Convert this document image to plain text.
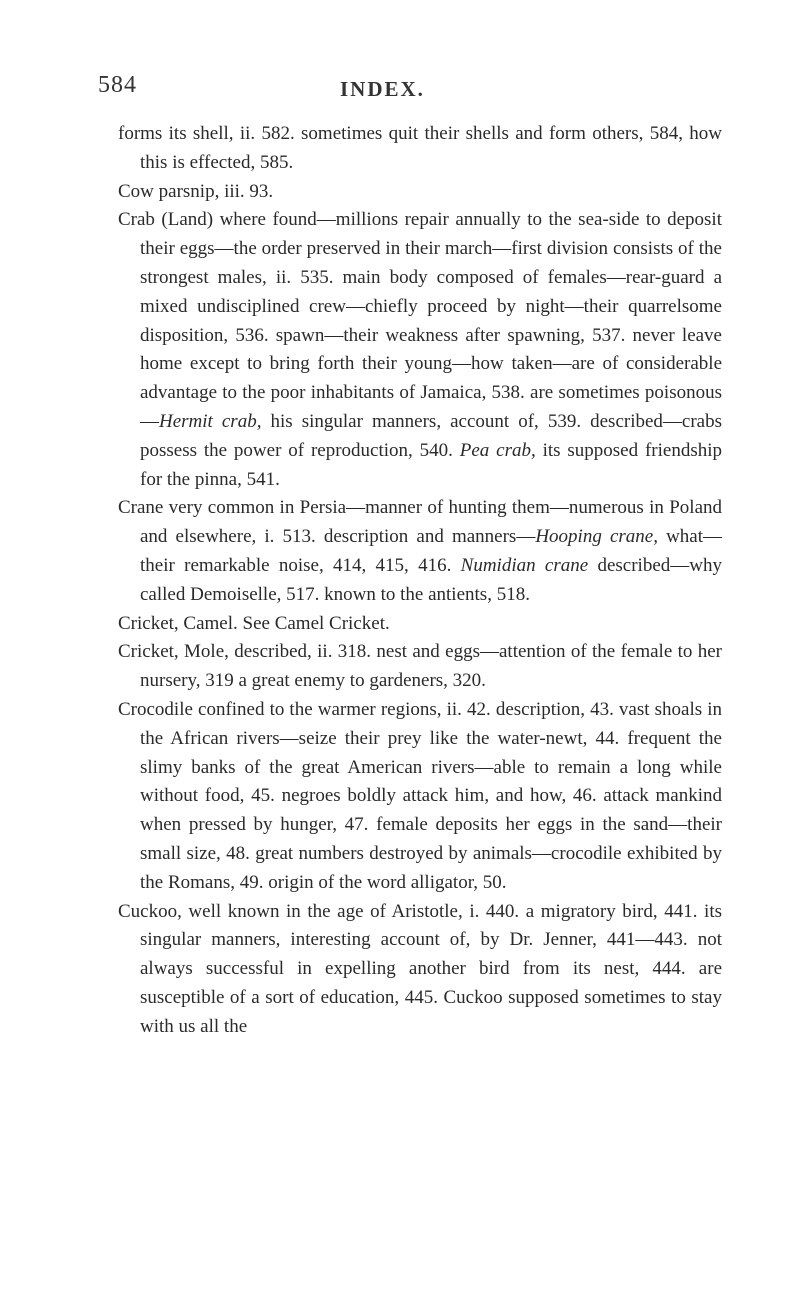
584	INDEX.

forms its shell, ii. 582. sometimes quit their shells and form others, 584, how this is effected, 585.

Cow parsnip, iii. 93.

Crab (Land) where found—millions repair annually to the sea-side to deposit their eggs—the order preserved in their march—first division consists of the strongest males, ii. 535. main body composed of females—rear-guard a mixed undisciplined crew—chiefly proceed by night—their quarrelsome disposition, 536. spawn—their weakness after spawning, 537. never leave home except to bring forth their young—how taken—are of considerable advantage to the poor inhabitants of Jamaica, 538. are sometimes poisonous—Hermit crab, his singular manners, account of, 539. described—crabs possess the power of reproduction, 540. Pea crab, its supposed friendship for the pinna, 541.

Crane very common in Persia—manner of hunting them—numerous in Poland and elsewhere, i. 513. description and manners—Hooping crane, what—their remarkable noise, 414, 415, 416. Numidian crane described—why called Demoiselle, 517. known to the antients, 518.

Cricket, Camel. See Camel Cricket.

Cricket, Mole, described, ii. 318. nest and eggs—attention of the female to her nursery, 319 a great enemy to gardeners, 320.

Crocodile confined to the warmer regions, ii. 42. description, 43. vast shoals in the African rivers—seize their prey like the water-newt, 44. frequent the slimy banks of the great American rivers—able to remain a long while without food, 45. negroes boldly attack him, and how, 46. attack mankind when pressed by hunger, 47. female deposits her eggs in the sand—their small size, 48. great numbers destroyed by animals—crocodile exhibited by the Romans, 49. origin of the word alligator, 50.

Cuckoo, well known in the age of Aristotle, i. 440. a migratory bird, 441. its singular manners, interesting account of, by Dr. Jenner, 441—443. not always successful in expelling another bird from its nest, 444. are susceptible of a sort of education, 445. Cuckoo supposed sometimes to stay with us all the
